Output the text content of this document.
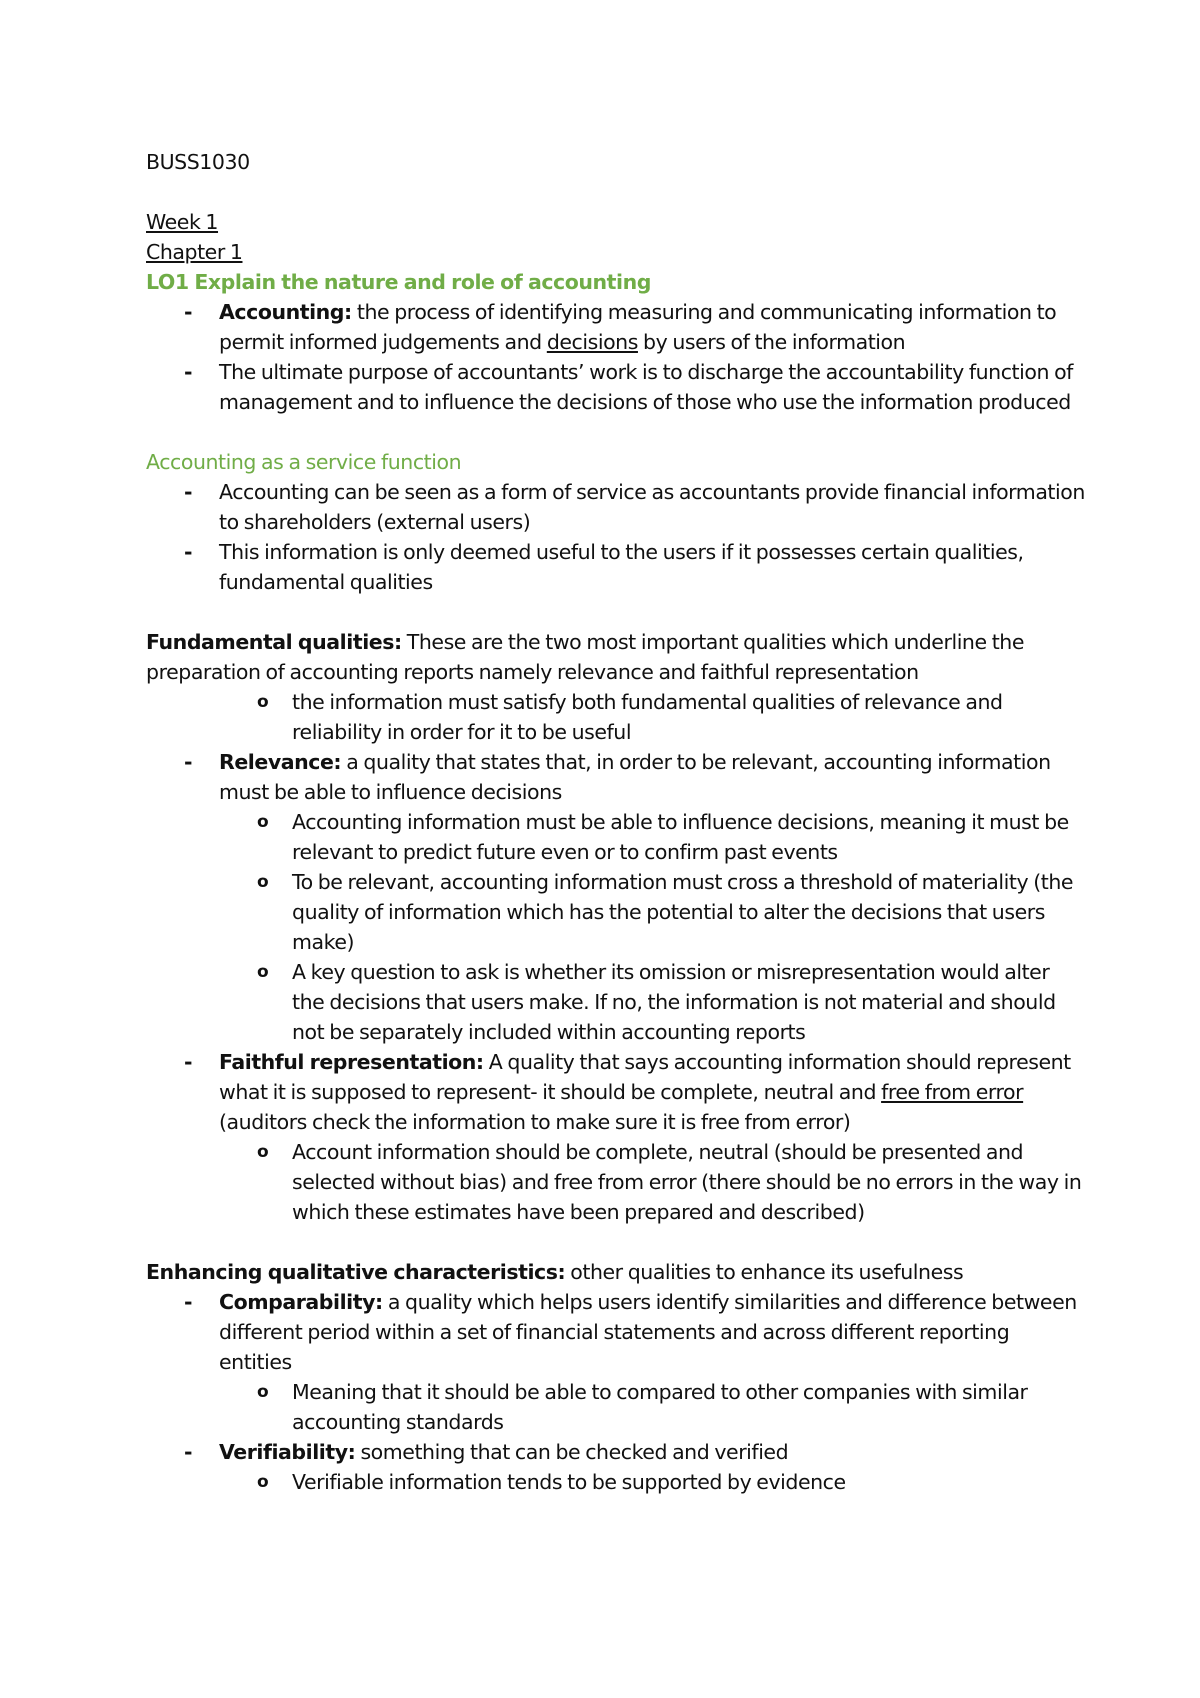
BUSS1030

Week 1

Chapter 1

LO1 Explain the nature and role of accounting

- Accounting: the process of identifying measuring and communicating information to permit informed judgements and decisions by users of the information
- The ultimate purpose of accountants’ work is to discharge the accountability function of management and to influence the decisions of those who use the information produced

Accounting as a service function

- Accounting can be seen as a form of service as accountants provide financial information to shareholders (external users)
- This information is only deemed useful to the users if it possesses certain qualities, fundamental qualities
Fundamental qualities: These are the two most important qualities which underline the preparation of accounting reports namely relevance and faithful representation
o the information must satisfy both fundamental qualities of relevance and reliability in order for it to be useful
- Relevance: a quality that states that, in order to be relevant, accounting information must be able to influence decisions
o Accounting information must be able to influence decisions, meaning it must be relevant to predict future even or to confirm past events
o To be relevant, accounting information must cross a threshold of materiality (the quality of information which has the potential to alter the decisions that users make)
o A key question to ask is whether its omission or misrepresentation would alter the decisions that users make. If no, the information is not material and should not be separately included within accounting reports
- Faithful representation: A quality that says accounting information should represent what it is supposed to represent- it should be complete, neutral and free from error (auditors check the information to make sure it is free from error)
o Account information should be complete, neutral (should be presented and selected without bias) and free from error (there should be no errors in the way in which these estimates have been prepared and described)
Enhancing qualitative characteristics: other qualities to enhance its usefulness
- Comparability: a quality which helps users identify similarities and difference between different period within a set of financial statements and across different reporting entities
o Meaning that it should be able to compared to other companies with similar accounting standards
- Verifiability: something that can be checked and verified
o Verifiable information tends to be supported by evidence
